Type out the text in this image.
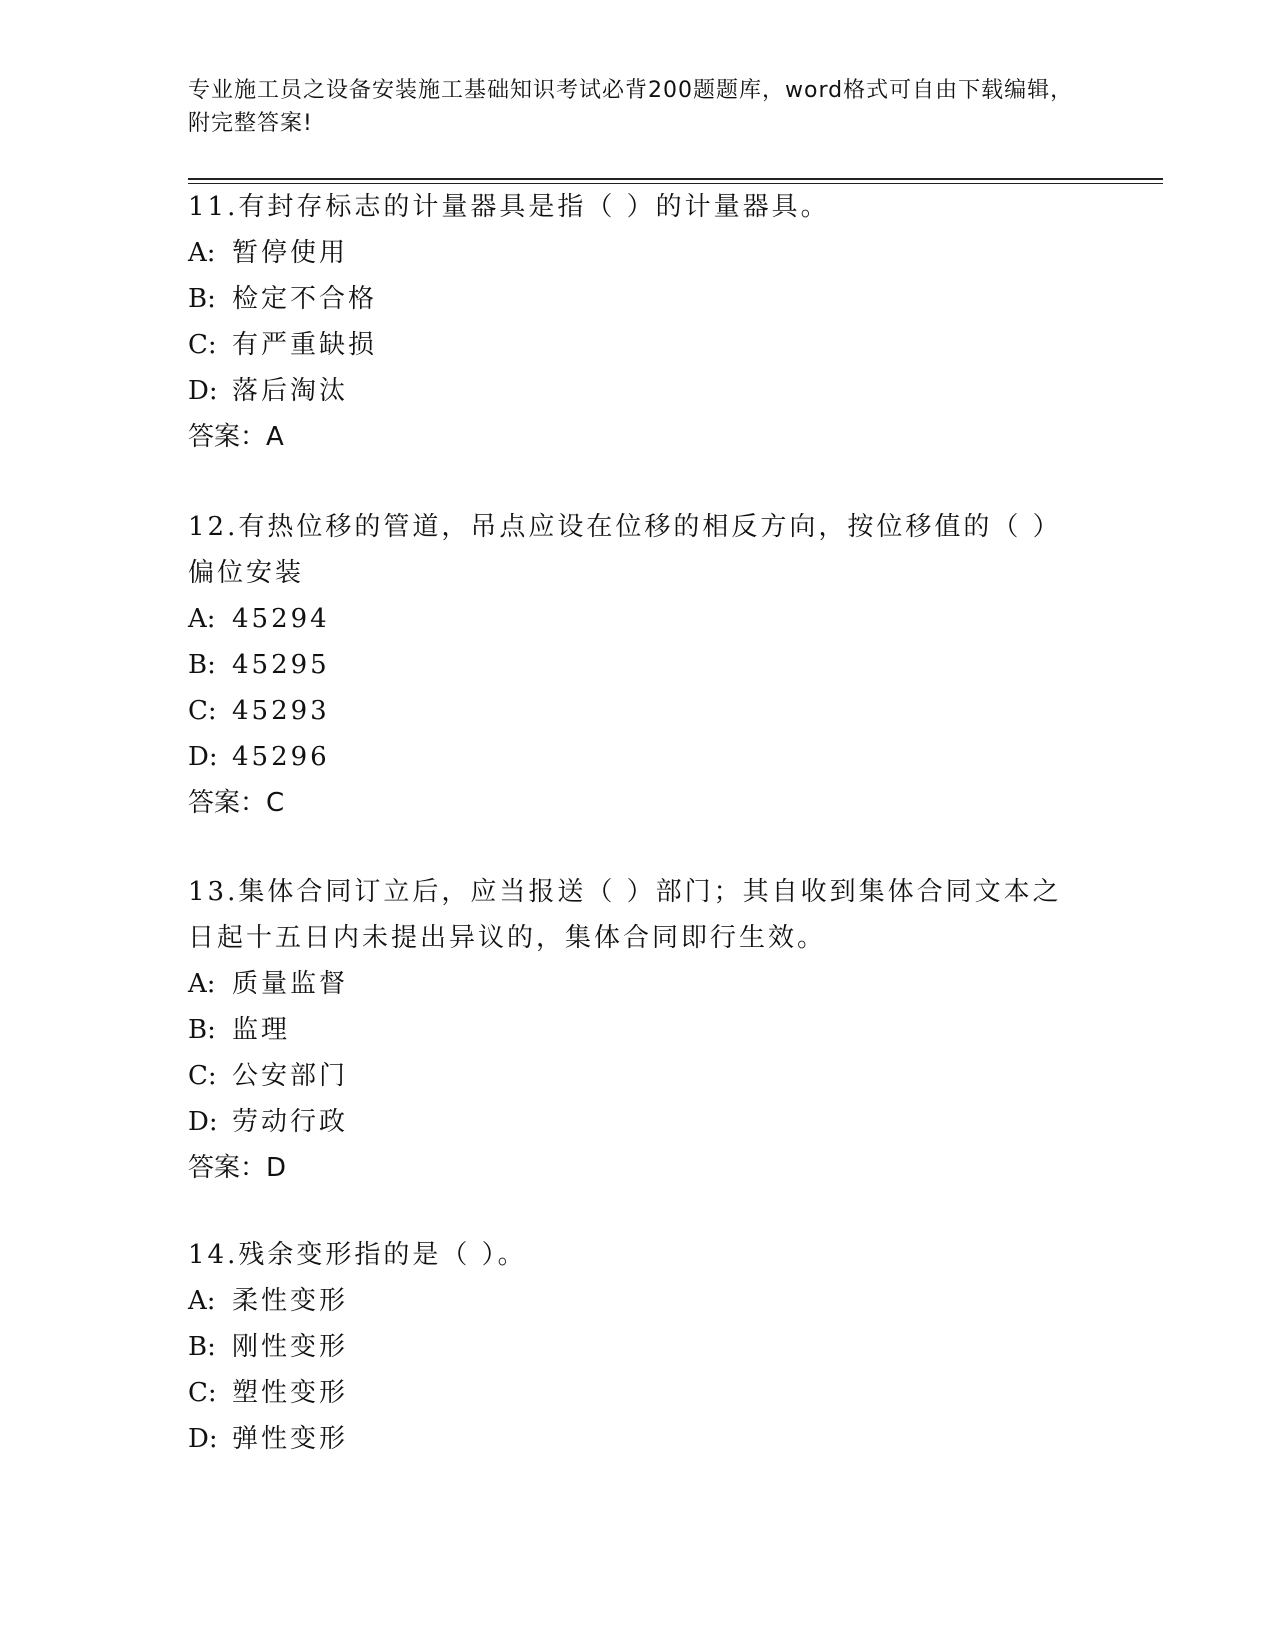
专业施工员之设备安装施工基础知识考试必背200题题库，word格式可自由下载编辑，附完整答案!

11.有封存标志的计量器具是指（ ）的计量器具。

A: 暂停使用

B: 检定不合格

C: 有严重缺损

D: 落后淘汰

答案：A

12.有热位移的管道，吊点应设在位移的相反方向，按位移值的（ ）偏位安装

A: 45294

B: 45295

C: 45293

D: 45296

答案：C

13.集体合同订立后，应当报送（ ）部门；其自收到集体合同文本之日起十五日内未提出异议的，集体合同即行生效。

A: 质量监督

B: 监理

C: 公安部门

D: 劳动行政

答案：D

14.残余变形指的是（ ）。

A: 柔性变形

B: 刚性变形

C: 塑性变形

D: 弹性变形
